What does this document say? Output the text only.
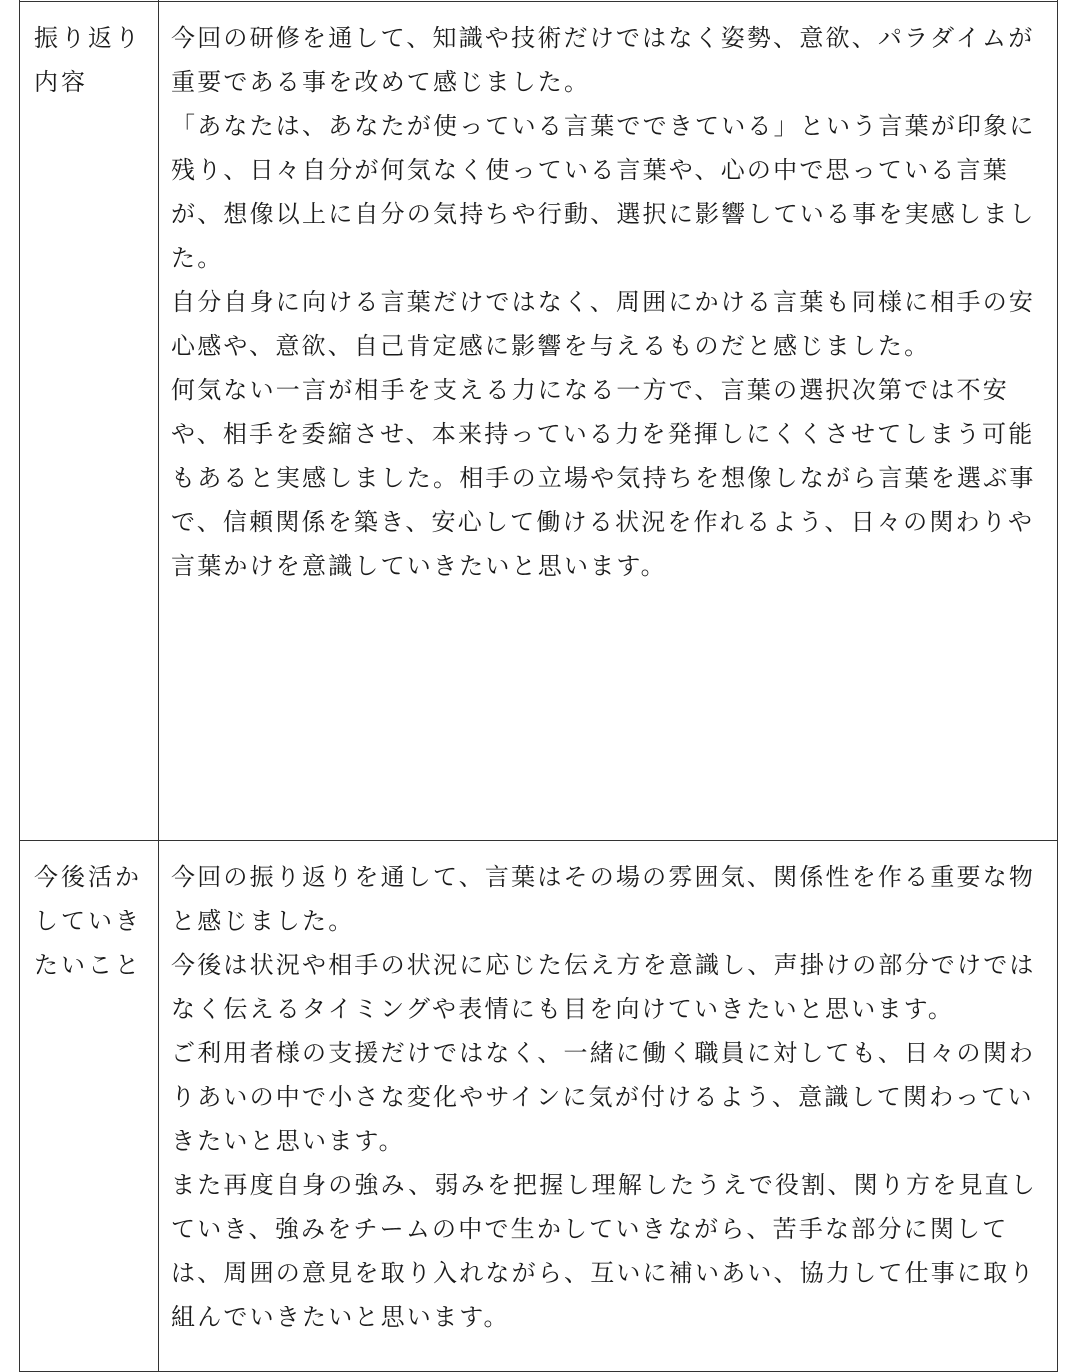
振り返り内容	今回の研修を通して、知識や技術だけではなく姿勢、意欲、パラダイムが重要である事を改めて感じました。

「あなたは、あなたが使っている言葉でできている」という言葉が印象に残り、日々自分が何気なく使っている言葉や、心の中で思っている言葉が、想像以上に自分の気持ちや行動、選択に影響している事を実感しました。

自分自身に向ける言葉だけではなく、周囲にかける言葉も同様に相手の安心感や、意欲、自己肯定感に影響を与えるものだと感じました。

何気ない一言が相手を支える力になる一方で、言葉の選択次第では不安や、相手を委縮させ、本来持っている力を発揮しにくくさせてしまう可能もあると実感しました。相手の立場や気持ちを想像しながら言葉を選ぶ事で、信頼関係を築き、安心して働ける状況を作れるよう、日々の関わりや言葉かけを意識していきたいと思います。

今後活かしていきたいこと	今回の振り返りを通して、言葉はその場の雰囲気、関係性を作る重要な物と感じました。

今後は状況や相手の状況に応じた伝え方を意識し、声掛けの部分でけではなく伝えるタイミングや表情にも目を向けていきたいと思います。

ご利用者様の支援だけではなく、一緒に働く職員に対しても、日々の関わりあいの中で小さな変化やサインに気が付けるよう、意識して関わっていきたいと思います。

また再度自身の強み、弱みを把握し理解したうえで役割、関り方を見直していき、強みをチームの中で生かしていきながら、苦手な部分に関しては、周囲の意見を取り入れながら、互いに補いあい、協力して仕事に取り組んでいきたいと思います。
